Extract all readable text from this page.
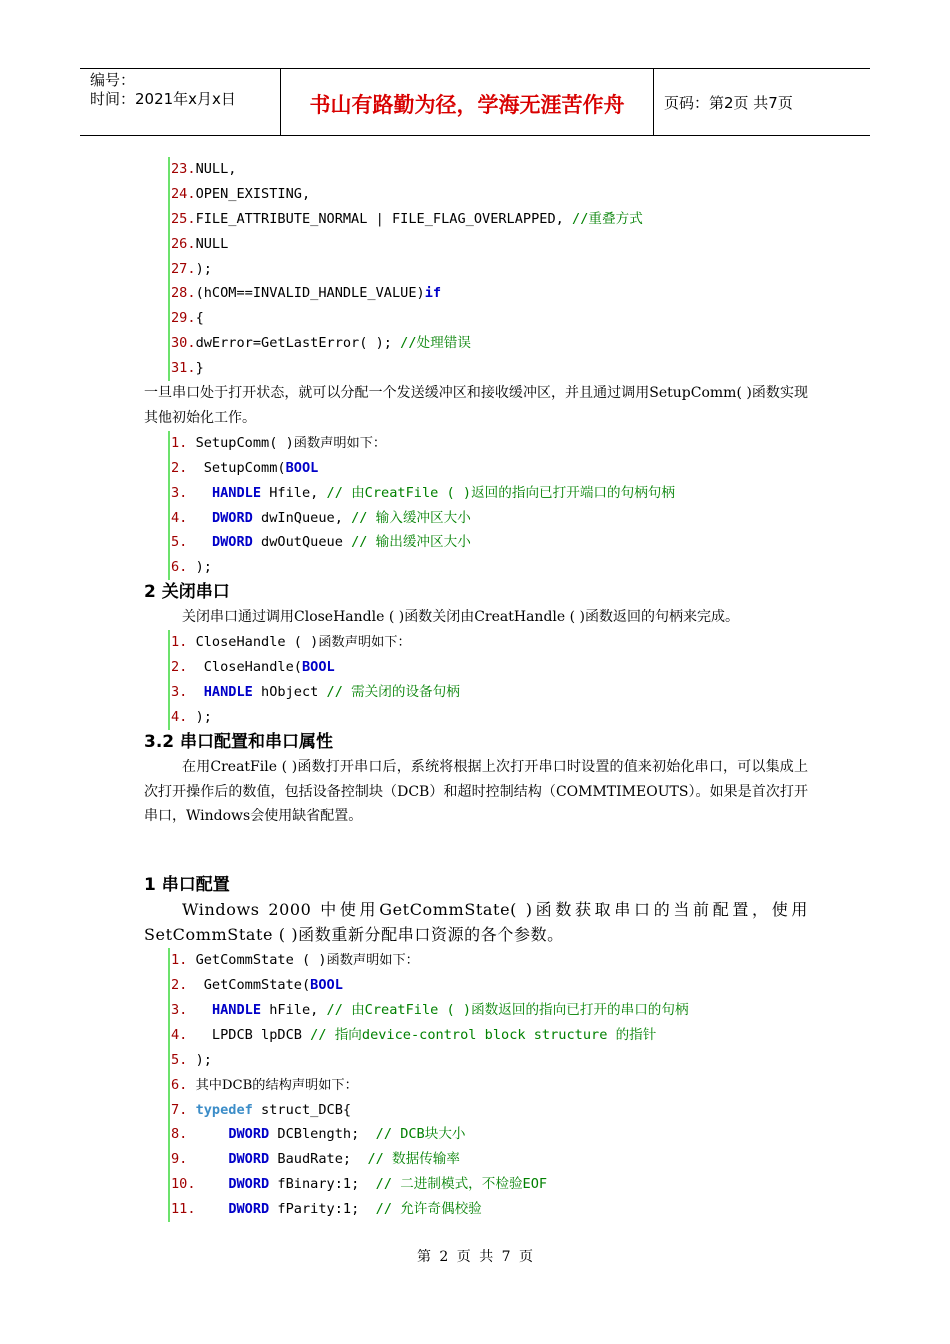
编号：
时间：2021年x月x日	书山有路勤为径，学海无涯苦作舟	页码：第2页 共7页
23.NULL,
24.OPEN_EXISTING,
25.FILE_ATTRIBUTE_NORMAL | FILE_FLAG_OVERLAPPED, //重叠方式
26.NULL
27.);
28.(hCOM==INVALID_HANDLE_VALUE)if
29.{
30.dwError=GetLastError( ); //处理错误
31.}
一旦串口处于打开状态，就可以分配一个发送缓冲区和接收缓冲区，并且通过调用SetupComm( )函数实现其他初始化工作。
1. SetupComm( )函数声明如下：
2.  SetupComm(BOOL
3.   HANDLE Hfile, // 由CreatFile ( )返回的指向已打开端口的句柄句柄
4.   DWORD dwInQueue, // 输入缓冲区大小
5.   DWORD dwOutQueue // 输出缓冲区大小
6. );
2 关闭串口
关闭串口通过调用CloseHandle ( )函数关闭由CreatHandle ( )函数返回的句柄来完成。
1. CloseHandle ( )函数声明如下：
2.  CloseHandle(BOOL
3.  HANDLE hObject // 需关闭的设备句柄
4. );
3.2 串口配置和串口属性
在用CreatFile ( )函数打开串口后，系统将根据上次打开串口时设置的值来初始化串口，可以集成上次打开操作后的数值，包括设备控制块（DCB）和超时控制结构（COMMTIMEOUTS）。如果是首次打开串口，Windows会使用缺省配置。
1 串口配置
Windows 2000 中使用GetCommState( )函数获取串口的当前配置，使用SetCommState ( )函数重新分配串口资源的各个参数。
1. GetCommState ( )函数声明如下：
2.  GetCommState(BOOL
3.   HANDLE hFile, // 由CreatFile ( )函数返回的指向已打开的串口的句柄
4.   LPDCB lpDCB // 指向device-control block structure 的指针
5. );
6. 其中DCB的结构声明如下：
7. typedef struct_DCB{
8.     DWORD DCBlength;  // DCB块大小
9.     DWORD BaudRate;  // 数据传输率
10. DWORD fBinary:1;  // 二进制模式，不检验EOF
11. DWORD fParity:1;  // 允许奇偶校验
第 2 页 共 7 页
